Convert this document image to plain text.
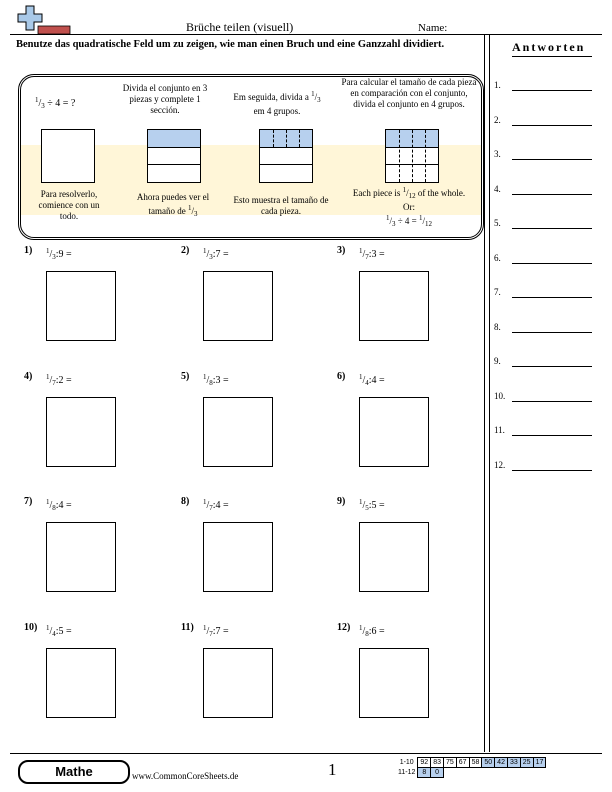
Brüche teilen (visuell)	Name:
Benutze das quadratische Feld um zu zeigen, wie man einen Bruch und eine Ganzzahl dividiert.	Antworten
1.
2.
3.
4.
5.
6.
7.
8.
9.
10.
11.
12.
$^1/_3 \div 4$ = ?
Para resolverlo, comience con un todo.
Divida el conjunto en 3 piezas y complete 1 sección.
Ahora puedes ver el tamaño de $^1/_3$
Em seguida, divida a $^1/_3$ em 4 grupos.
Esto muestra el tamaño de cada pieza.
Para calcular el tamaño de cada pieza en comparación con el conjunto, divida el conjunto en 4 grupos.
Each piece is $^1/_{12}$ of the whole.
Or:
$^1/_3 \div 4 = ^1/_{12}$
1) $^1/_3:9$ =	2) $^1/_3:7$ =	3) $^1/_7:3$ =
4) $^1/_7:2$ =	5) $^1/_8:3$ =	6) $^1/_4:4$ =
7) $^1/_8:4$ =	8) $^1/_7:4$ =	9) $^1/_5:5$ =
10) $^1/_4:5$ =	11) $^1/_7:7$ =	12) $^1/_8:6$ =
Mathe	www.CommonCoreSheets.de	1	1-10	92	83	75	67	58	50	42	33	25	17
11-12	8	0								
